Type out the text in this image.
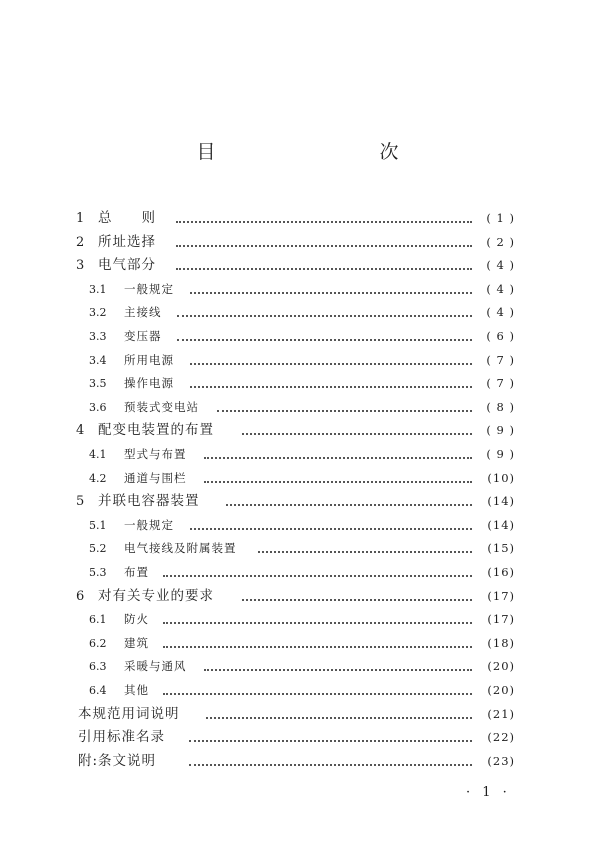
目　　次
1 总　　则	( 1 )
2 所址选择	( 2 )
3 电气部分	( 4 )
3.1 一般规定	( 4 )
3.2 主接线	( 4 )
3.3 变压器	( 6 )
3.4 所用电源	( 7 )
3.5 操作电源	( 7 )
3.6 预装式变电站	( 8 )
4 配变电装置的布置	( 9 )
4.1 型式与布置	( 9 )
4.2 通道与围栏	(10)
5 并联电容器装置	(14)
5.1 一般规定	(14)
5.2 电气接线及附属装置	(15)
5.3 布置	(16)
6 对有关专业的要求	(17)
6.1 防火	(17)
6.2 建筑	(18)
6.3 采暖与通风	(20)
6.4 其他	(20)
本规范用词说明	(21)
引用标准名录	(22)
附:条文说明	(23)
· 1 ·
